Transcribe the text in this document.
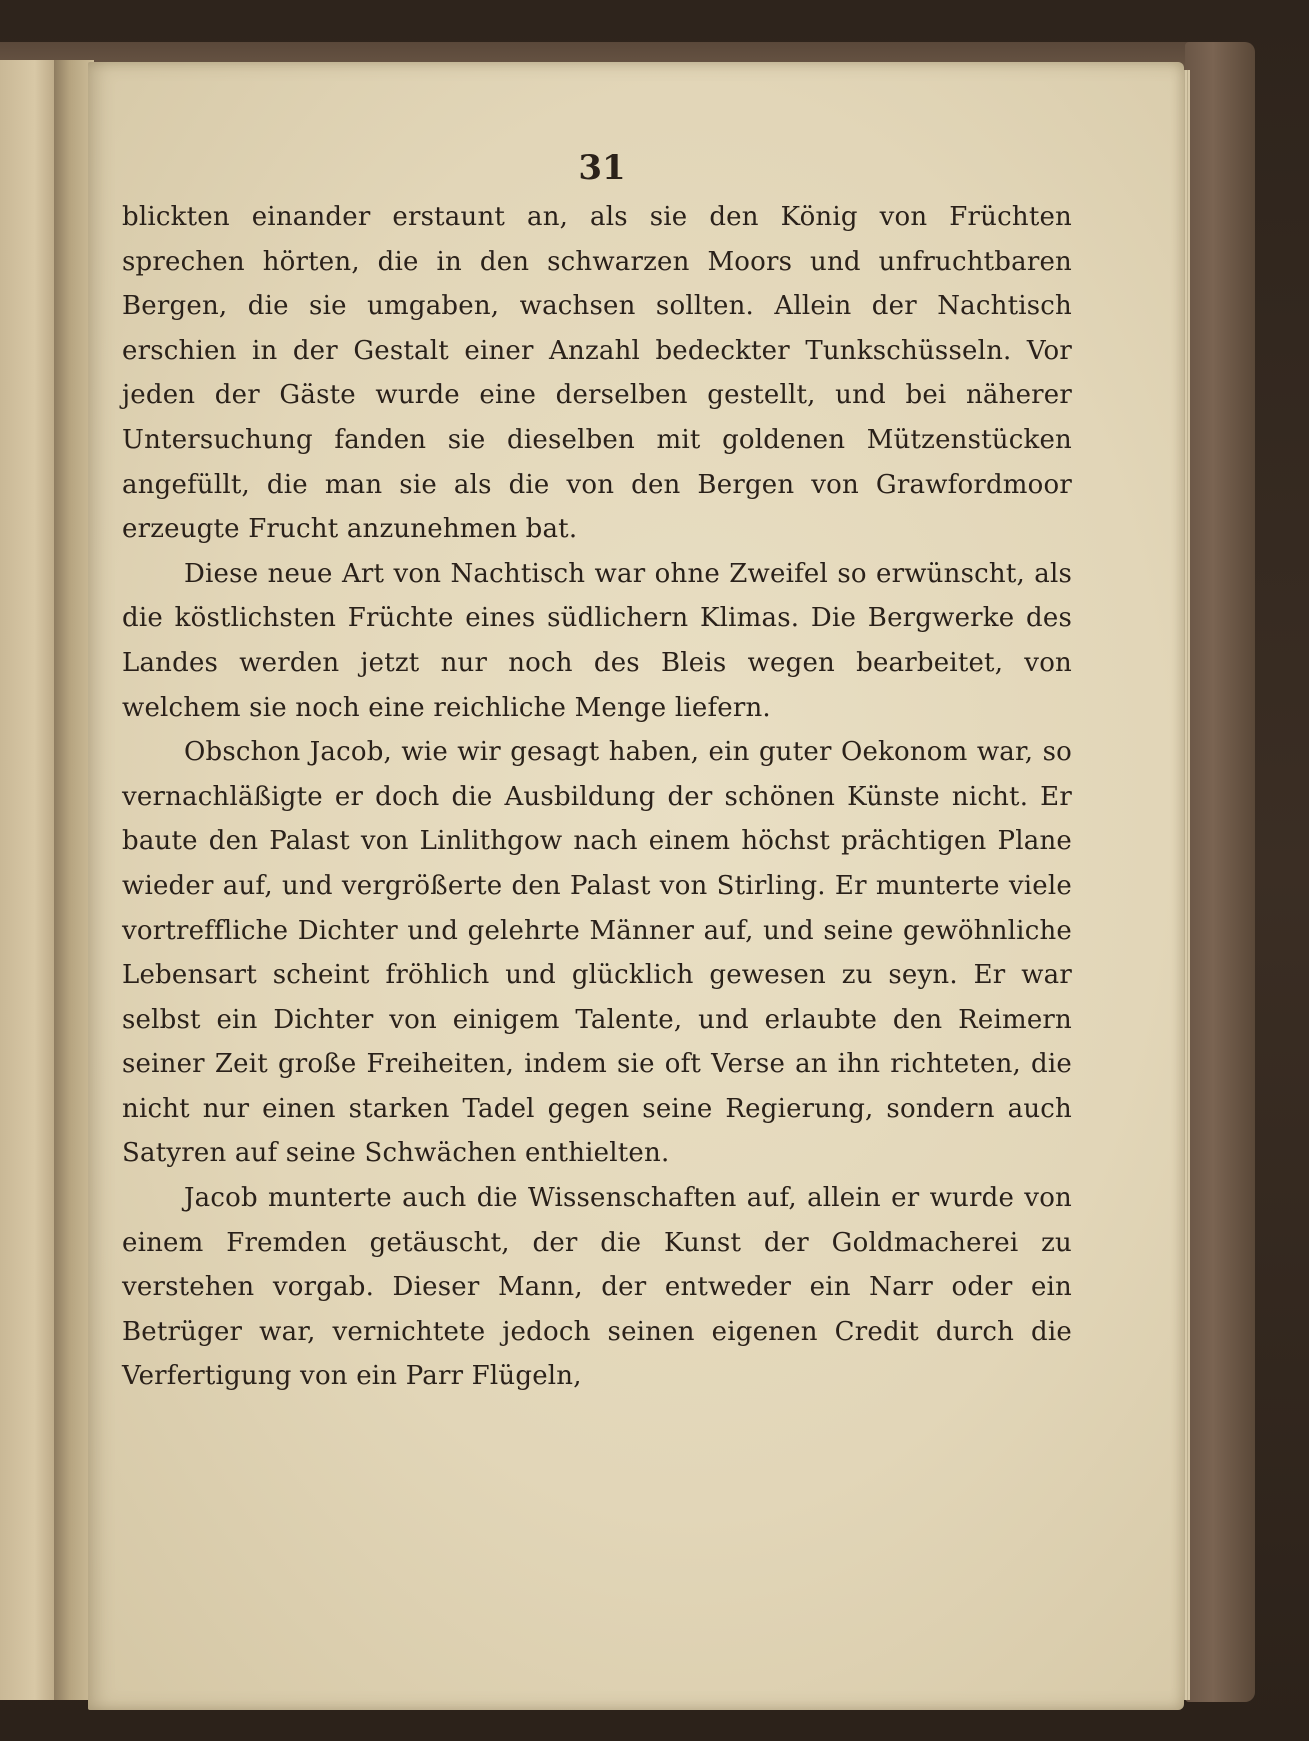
31

blickten einander erstaunt an, als sie den König von Früchten sprechen hörten, die in den schwarzen Moors und unfruchtbaren Bergen, die sie umgaben, wachsen sollten. Allein der Nachtisch erschien in der Gestalt einer Anzahl bedeckter Tunkschüsseln. Vor jeden der Gäste wurde eine derselben gestellt, und bei näherer Untersuchung fanden sie dieselben mit goldenen Mützenstücken angefüllt, die man sie als die von den Bergen von Grawfordmoor erzeugte Frucht anzunehmen bat.

Diese neue Art von Nachtisch war ohne Zweifel so erwünscht, als die köstlichsten Früchte eines südlichern Klimas. Die Bergwerke des Landes werden jetzt nur noch des Bleis wegen bearbeitet, von welchem sie noch eine reichliche Menge liefern.

Obschon Jacob, wie wir gesagt haben, ein guter Oekonom war, so vernachläßigte er doch die Ausbildung der schönen Künste nicht. Er baute den Palast von Linlithgow nach einem höchst prächtigen Plane wieder auf, und vergrößerte den Palast von Stirling. Er munterte viele vortreffliche Dichter und gelehrte Männer auf, und seine gewöhnliche Lebensart scheint fröhlich und glücklich gewesen zu seyn. Er war selbst ein Dichter von einigem Talente, und erlaubte den Reimern seiner Zeit große Freiheiten, indem sie oft Verse an ihn richteten, die nicht nur einen starken Tadel gegen seine Regierung, sondern auch Satyren auf seine Schwächen enthielten.

Jacob munterte auch die Wissenschaften auf, allein er wurde von einem Fremden getäuscht, der die Kunst der Goldmacherei zu verstehen vorgab. Dieser Mann, der entweder ein Narr oder ein Betrüger war, vernichtete jedoch seinen eigenen Credit durch die Verfertigung von ein Parr Flügeln,
